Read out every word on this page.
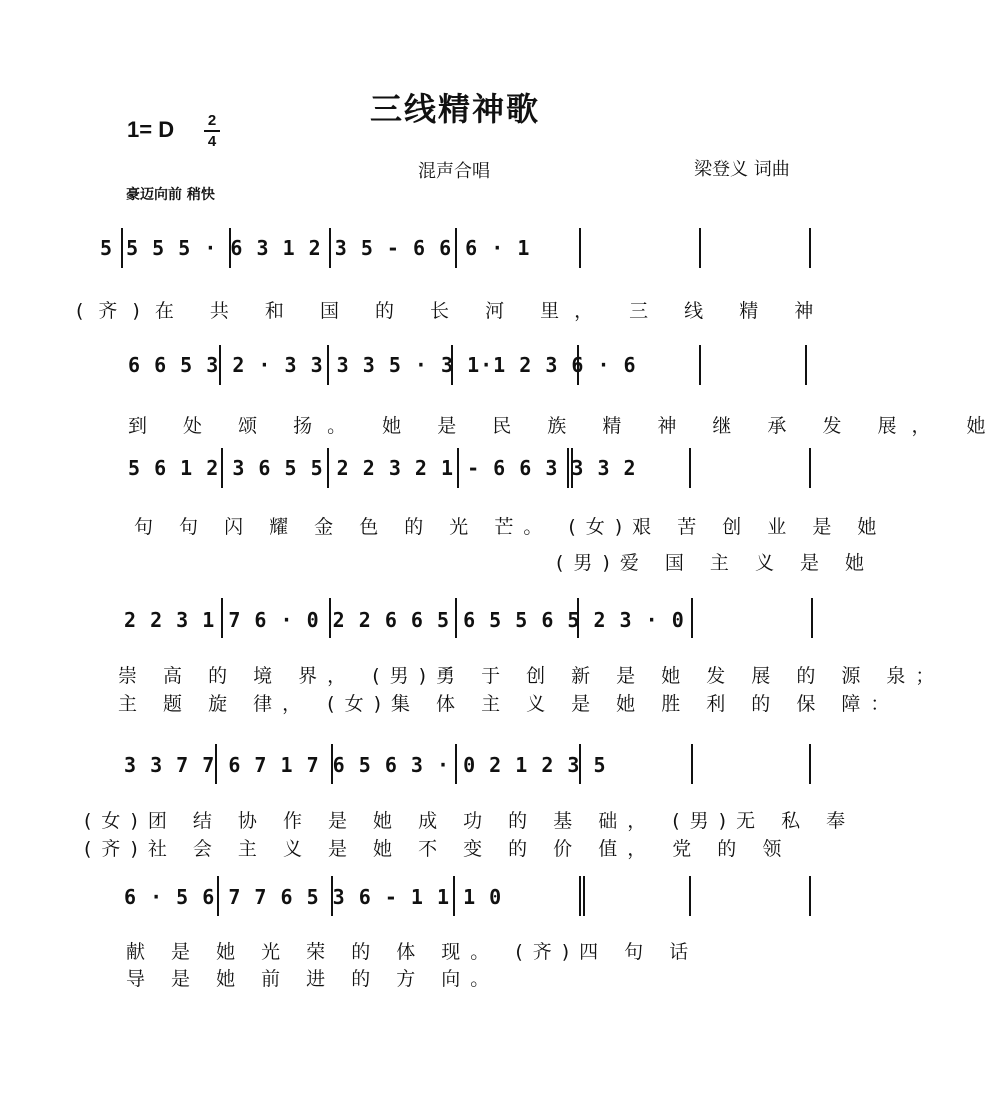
三线精神歌
1= D 2
4
混声合唱	梁登义 词曲
豪迈向前 稍快
5 5 5 5 · 6 3 1 2 3 5 - 6 6 6 · 1
(齐)在 共 和 国 的 长 河 里， 三 线 精 神
6 6 5 3 2 · 3 3 3 3 5 · 3 1·1 2 3 6 · 6
到 处 颂 扬。 她 是 民 族 精 神 继 承 发 展， 她
5 6 1 2 3 6 5 5 2 2 3 2 1 - 6 6 3 3 3 2
句 句 闪 耀 金 色 的 光 芒。 (女)艰 苦 创 业 是 她
(男)爱 国 主 义 是 她
2 2 3 1 7 6 · 0 2 2 6 6 5 6 5 5 6 5 2 3 · 0
崇 高 的 境 界， (男)勇 于 创 新 是 她 发 展 的 源 泉；
主 题 旋 律， (女)集 体 主 义 是 她 胜 利 的 保 障：
3 3 7 7 6 7 1 7 6 5 6 3 · 0 2 1 2 3 5
(女)团 结 协 作 是 她 成 功 的 基 础， (男)无 私 奉
(齐)社 会 主 义 是 她 不 变 的 价 值， 党 的 领
6 · 5 6 7 7 6 5 3 6 - 1 1 1 0
献 是 她 光 荣 的 体 现。 (齐)四 句 话
导 是 她 前 进 的 方 向。
